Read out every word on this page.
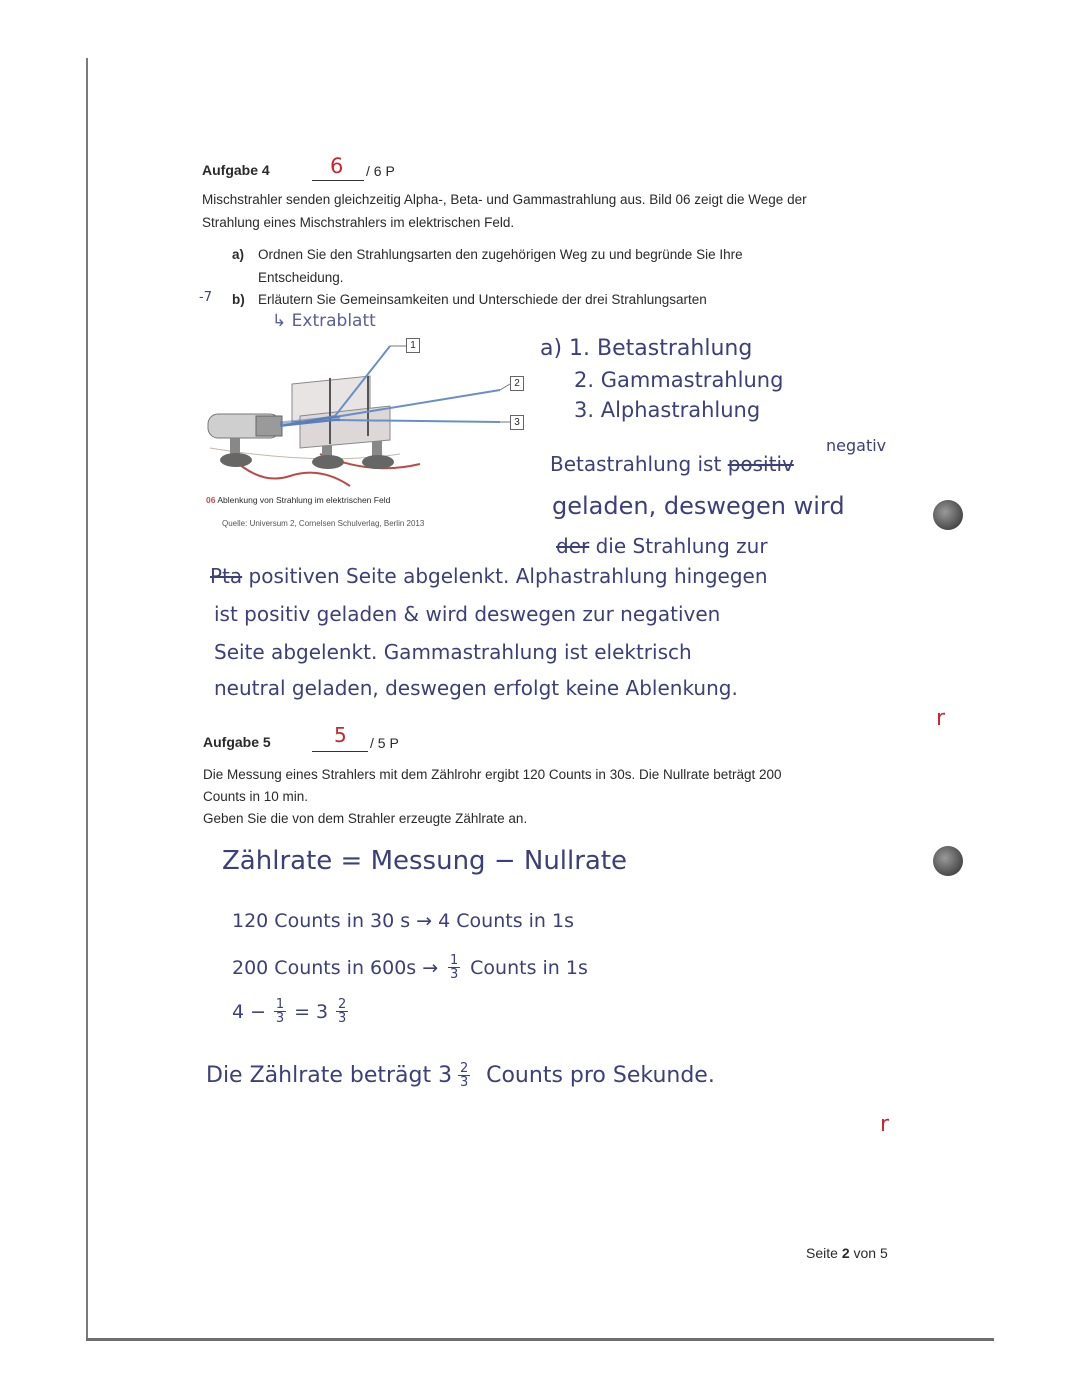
Aufgabe 4	6 / 6 P
Mischstrahler senden gleichzeitig Alpha-, Beta- und Gammastrahlung aus. Bild 06 zeigt die Wege der
Strahlung eines Mischstrahlers im elektrischen Feld.
a) Ordnen Sie den Strahlungsarten den zugehörigen Weg zu und begründe Sie Ihre
Entscheidung.
-7 b) Erläutern Sie Gemeinsamkeiten und Unterschiede der drei Strahlungsarten
↳ Extrablatt
1
2
3
06 Ablenkung von Strahlung im elektrischen Feld
Quelle: Universum 2, Cornelsen Schulverlag, Berlin 2013
a) 1. Betastrahlung
2. Gammastrahlung
3. Alphastrahlung
negativ
Betastrahlung ist positiv
geladen, deswegen wird
der die Strahlung zur
Pta positiven Seite abgelenkt. Alphastrahlung hingegen
ist positiv geladen & wird deswegen zur negativen
Seite abgelenkt. Gammastrahlung ist elektrisch
neutral geladen, deswegen erfolgt keine Ablenkung.
r
Aufgabe 5	5 / 5 P
Die Messung eines Strahlers mit dem Zählrohr ergibt 120 Counts in 30s. Die Nullrate beträgt 200
Counts in 10 min.
Geben Sie die von dem Strahler erzeugte Zählrate an.
Zählrate = Messung − Nullrate
120 Counts in 30 s → 4 Counts in 1s
200 Counts in 600s → 1
3 Counts in 1s
4 − 1
3 = 3 2
3
Die Zählrate beträgt 3 2
3 Counts pro Sekunde.
r
Seite 2 von 5
